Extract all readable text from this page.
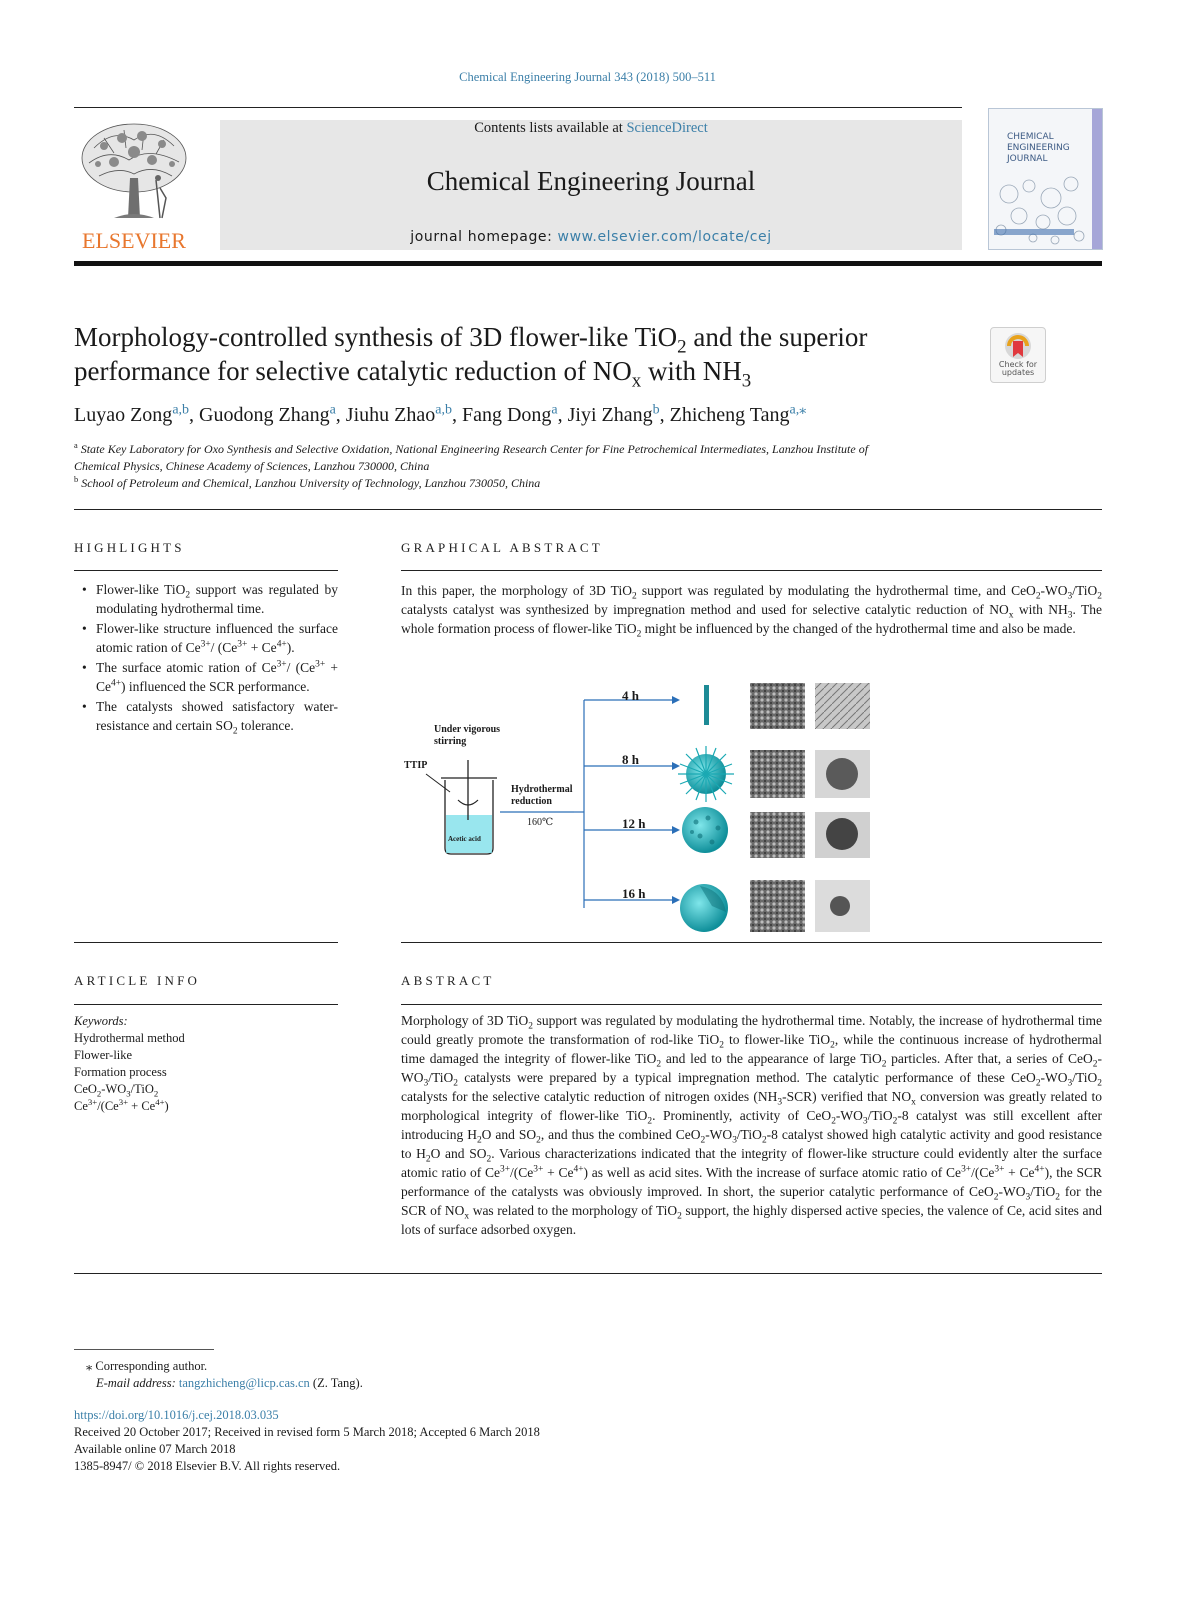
Chemical Engineering Journal 343 (2018) 500–511
ELSEVIER
Contents lists available at ScienceDirect
Chemical Engineering Journal
journal homepage: www.elsevier.com/locate/cej
CHEMICAL
ENGINEERING
JOURNAL
Morphology-controlled synthesis of 3D flower-like TiO$_2$ and the superior
performance for selective catalytic reduction of $NO_x$ with $NH_3$
Check for
updates
Luyao Zong$^{a,b}$, Guodong Zhang$^a$, Jiuhu Zhao$^{a,b}$, Fang Dong$^a$, Jiyi Zhang$^b$, Zhicheng Tang$^{a,⁎}$
$^a$ State Key Laboratory for Oxo Synthesis and Selective Oxidation, National Engineering Research Center for Fine Petrochemical Intermediates, Lanzhou Institute of
Chemical Physics, Chinese Academy of Sciences, Lanzhou 730000, China
$^b$ School of Petroleum and Chemical, Lanzhou University of Technology, Lanzhou 730050, China
HIGHLIGHTS
• Flower-like TiO$_2$ support was regulated by modulating hydrothermal time.
• Flower-like structure influenced the surface atomic ration of $Ce^{3+}/$ $(Ce^{3+} + Ce^{4+})$.
• The surface atomic ration of $Ce^{3+}/$ $(Ce^{3+} + Ce^{4+})$ influenced the SCR performance.
• The catalysts showed satisfactory water-resistance and certain $SO_2$ tolerance.
GRAPHICAL ABSTRACT
In this paper, the morphology of 3D TiO$_2$ support was regulated by modulating the hydrothermal time, and $CeO_2-WO_3/TiO_2$ catalysts catalyst was synthesized by impregnation method and used for selective catalytic reduction of $NO_x$ with $NH_3$. The whole formation process of flower-like TiO$_2$ might be influenced by the changed of the hydrothermal time and also be made.
Under vigorous
stirring
TTIP
Acetic acid
Hydrothermal
reduction
160℃
4 h
8 h
12 h
16 h
ARTICLE INFO
Keywords:
Hydrothermal method
Flower-like
Formation process
$CeO_2-WO_3/TiO_2$
$Ce^{3+}/(Ce^{3+} + Ce^{4+})$
ABSTRACT
Morphology of 3D TiO$_2$ support was regulated by modulating the hydrothermal time. Notably, the increase of hydrothermal time could greatly promote the transformation of rod-like TiO$_2$ to flower-like TiO$_2$, while the continuous increase of hydrothermal time damaged the integrity of flower-like TiO$_2$ and led to the appearance of large TiO$_2$ particles. After that, a series of $CeO_2-WO_3/TiO_2$ catalysts were prepared by a typical impregnation method. The catalytic performance of these $CeO_2-WO_3/TiO_2$ catalysts for the selective catalytic reduction of nitrogen oxides $(NH_3-SCR)$ verified that $NO_x$ conversion was greatly related to morphological integrity of flower-like TiO$_2$. Prominently, activity of $CeO_2-WO_3/TiO_2-8$ catalyst was still excellent after introducing $H_2O$ and $SO_2$, and thus the combined $CeO_2-WO_3/TiO_2-8$ catalyst showed high catalytic activity and good resistance to $H_2O$ and $SO_2$. Various characterizations indicated that the integrity of flower-like structure could evidently alter the surface atomic ratio of $Ce^{3+}/(Ce^{3+} + Ce^{4+})$ as well as acid sites. With the increase of surface atomic ratio of $Ce^{3+}/(Ce^{3+} + Ce^{4+})$, the SCR performance of the catalysts was obviously improved. In short, the superior catalytic performance of $CeO_2-WO_3/TiO_2$ for the SCR of $NO_x$ was related to the morphology of TiO$_2$ support, the highly dispersed active species, the valence of Ce, acid sites and lots of surface adsorbed oxygen.
⁎ Corresponding author.
E-mail address: tangzhicheng@licp.cas.cn (Z. Tang).
https://doi.org/10.1016/j.cej.2018.03.035
Received 20 October 2017; Received in revised form 5 March 2018; Accepted 6 March 2018
Available online 07 March 2018
1385-8947/ © 2018 Elsevier B.V. All rights reserved.
